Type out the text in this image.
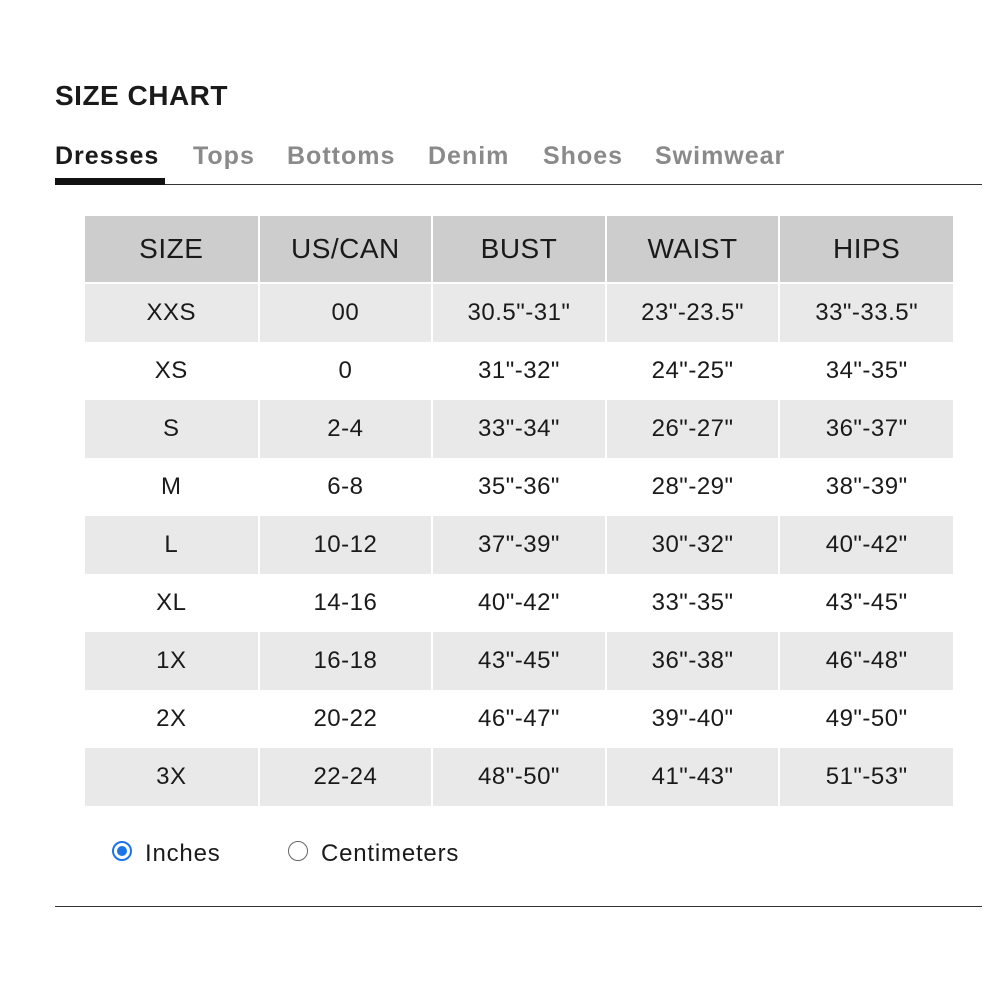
SIZE CHART
Dresses Tops Bottoms Denim Shoes Swimwear
SIZE	US/CAN	BUST	WAIST	HIPS
XXS	00	30.5"-31"	23"-23.5"	33"-33.5"
XS	0	31"-32"	24"-25"	34"-35"
S	2-4	33"-34"	26"-27"	36"-37"
M	6-8	35"-36"	28"-29"	38"-39"
L	10-12	37"-39"	30"-32"	40"-42"
XL	14-16	40"-42"	33"-35"	43"-45"
1X	16-18	43"-45"	36"-38"	46"-48"
2X	20-22	46"-47"	39"-40"	49"-50"
3X	22-24	48"-50"	41"-43"	51"-53"
Inches	Centimeters
